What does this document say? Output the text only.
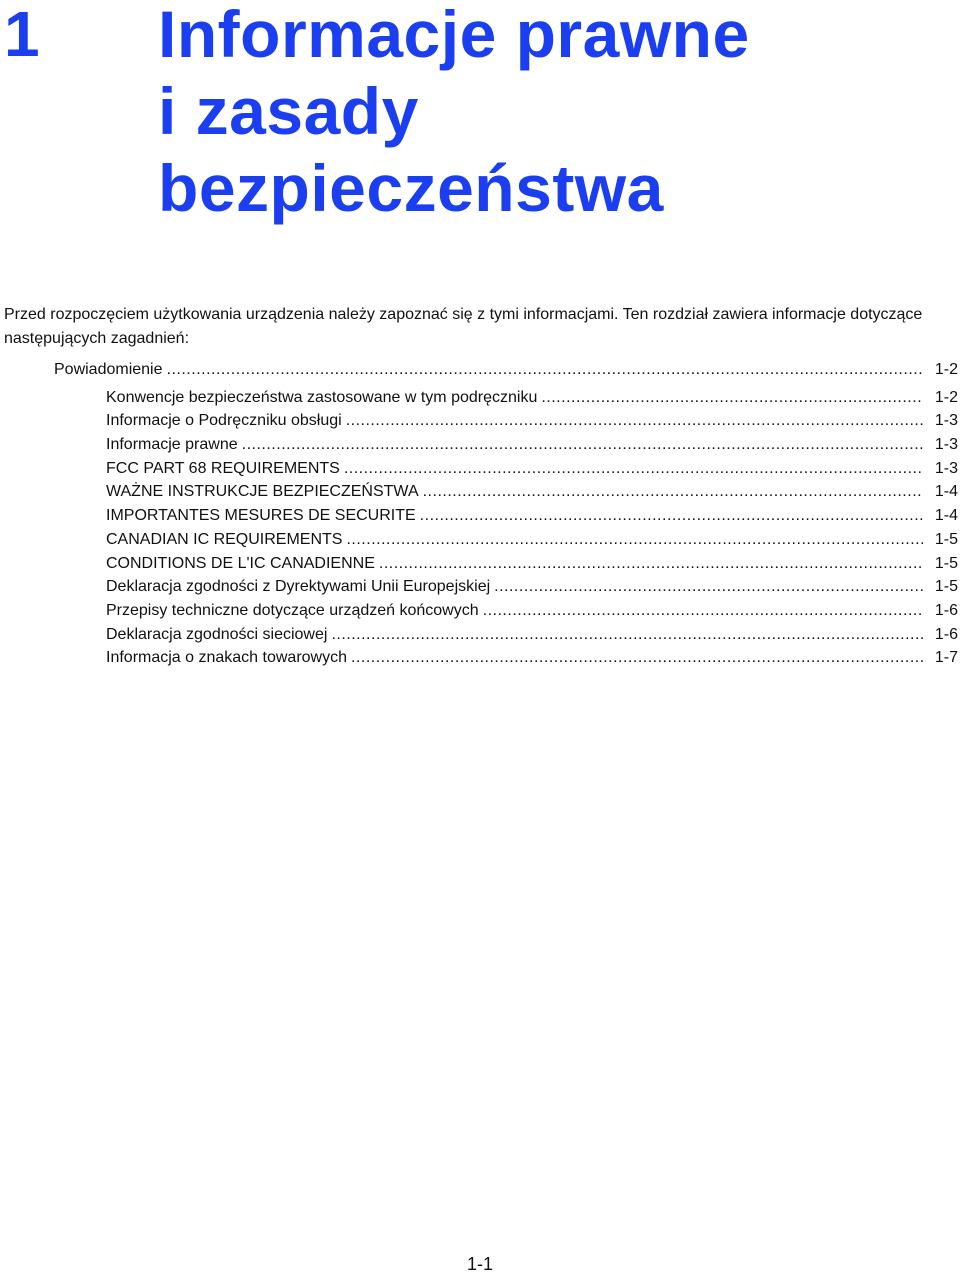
1 Informacje prawne
i zasady
bezpieczeństwa

Przed rozpoczęciem użytkowania urządzenia należy zapoznać się z tymi informacjami. Ten rozdział zawiera informacje dotyczące następujących zagadnień:

Powiadomienie .....	1-2
Konwencje bezpieczeństwa zastosowane w tym podręczniku .....	1-2
Informacje o Podręczniku obsługi .....	1-3
Informacje prawne .....	1-3
FCC PART 68 REQUIREMENTS .....	1-3
WAŻNE INSTRUKCJE BEZPIECZEŃSTWA .....	1-4
IMPORTANTES MESURES DE SECURITE .....	1-4
CANADIAN IC REQUIREMENTS .....	1-5
CONDITIONS DE L'IC CANADIENNE .....	1-5
Deklaracja zgodności z Dyrektywami Unii Europejskiej .....	1-5
Przepisy techniczne dotyczące urządzeń końcowych .....	1-6
Deklaracja zgodności sieciowej .....	1-6
Informacja o znakach towarowych .....	1-7

1-1
